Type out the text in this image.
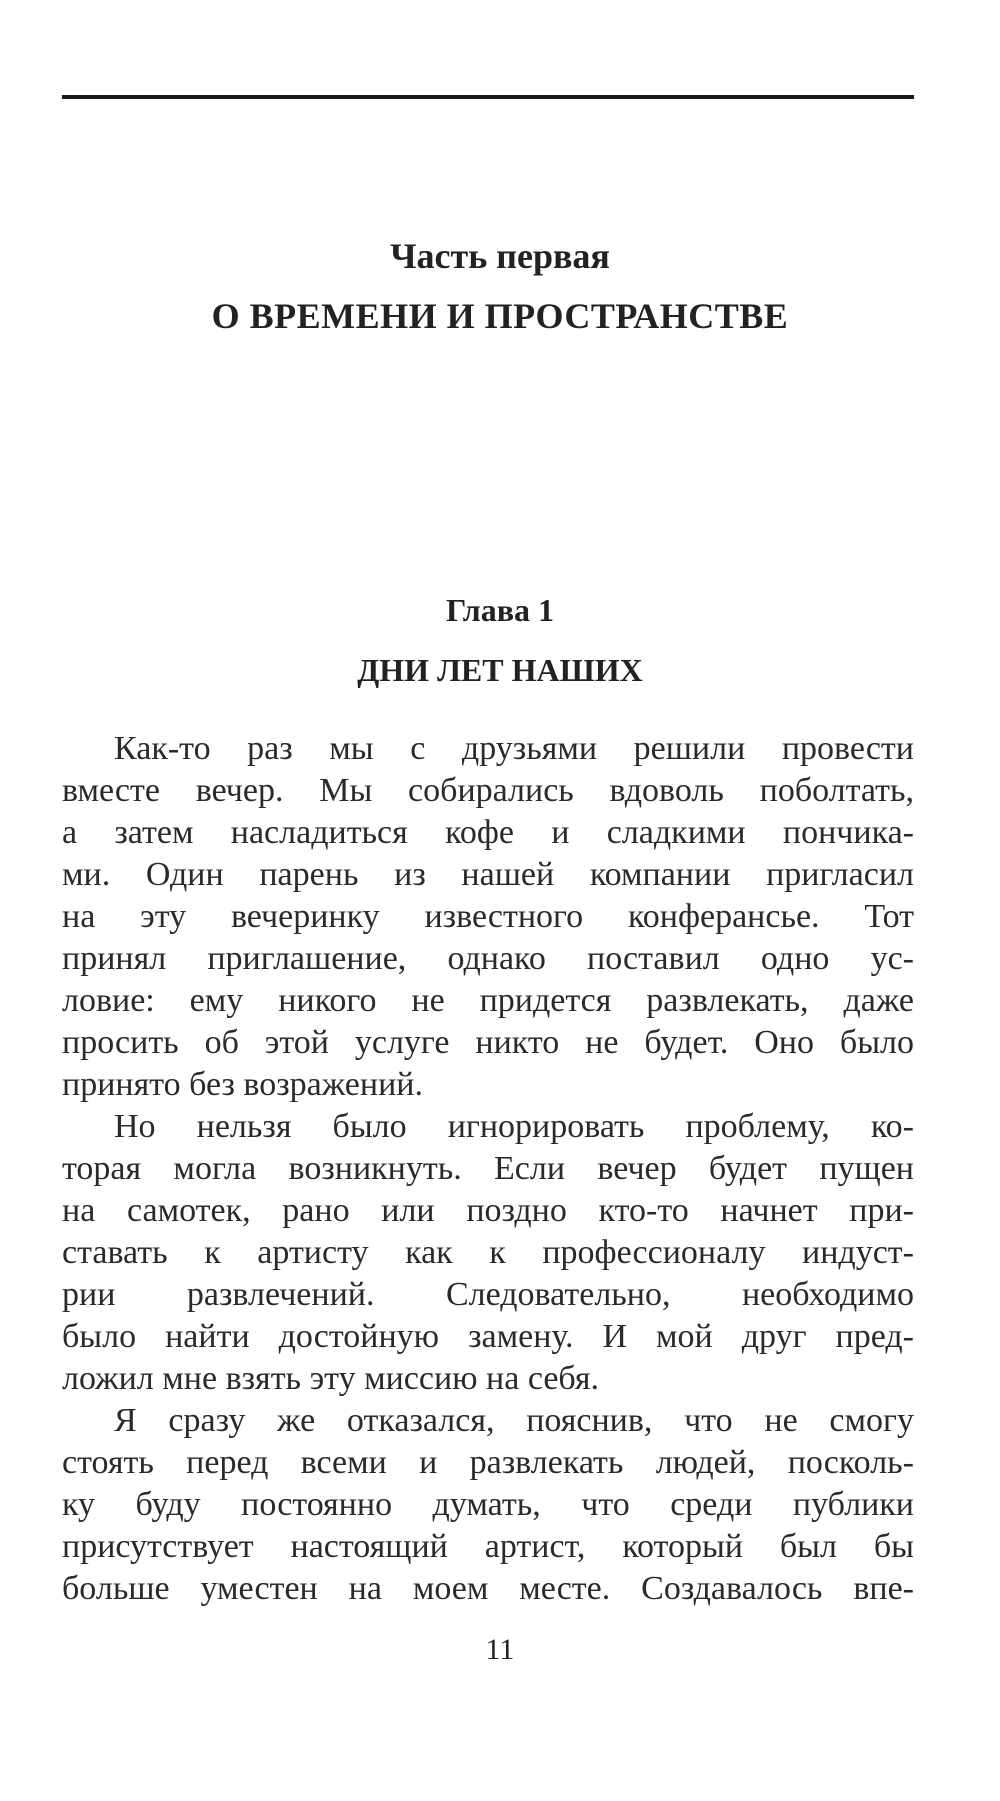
Часть первая
О ВРЕМЕНИ И ПРОСТРАНСТВЕ
Глава 1
ДНИ ЛЕТ НАШИХ
Как-то раз мы с друзьями решили провести
вместе вечер. Мы собирались вдоволь поболтать,
а затем насладиться кофе и сладкими пончика-
ми. Один парень из нашей компании пригласил
на эту вечеринку известного конферансье. Тот
принял приглашение, однако поставил одно ус-
ловие: ему никого не придется развлекать, даже
просить об этой услуге никто не будет. Оно было
принято без возражений.
Но нельзя было игнорировать проблему, ко-
торая могла возникнуть. Если вечер будет пущен
на самотек, рано или поздно кто-то начнет при-
ставать к артисту как к профессионалу индуст-
рии развлечений. Следовательно, необходимо
было найти достойную замену. И мой друг пред-
ложил мне взять эту миссию на себя.
Я сразу же отказался, пояснив, что не смогу
стоять перед всеми и развлекать людей, посколь-
ку буду постоянно думать, что среди публики
присутствует настоящий артист, который был бы
больше уместен на моем месте. Создавалось впе-
11
